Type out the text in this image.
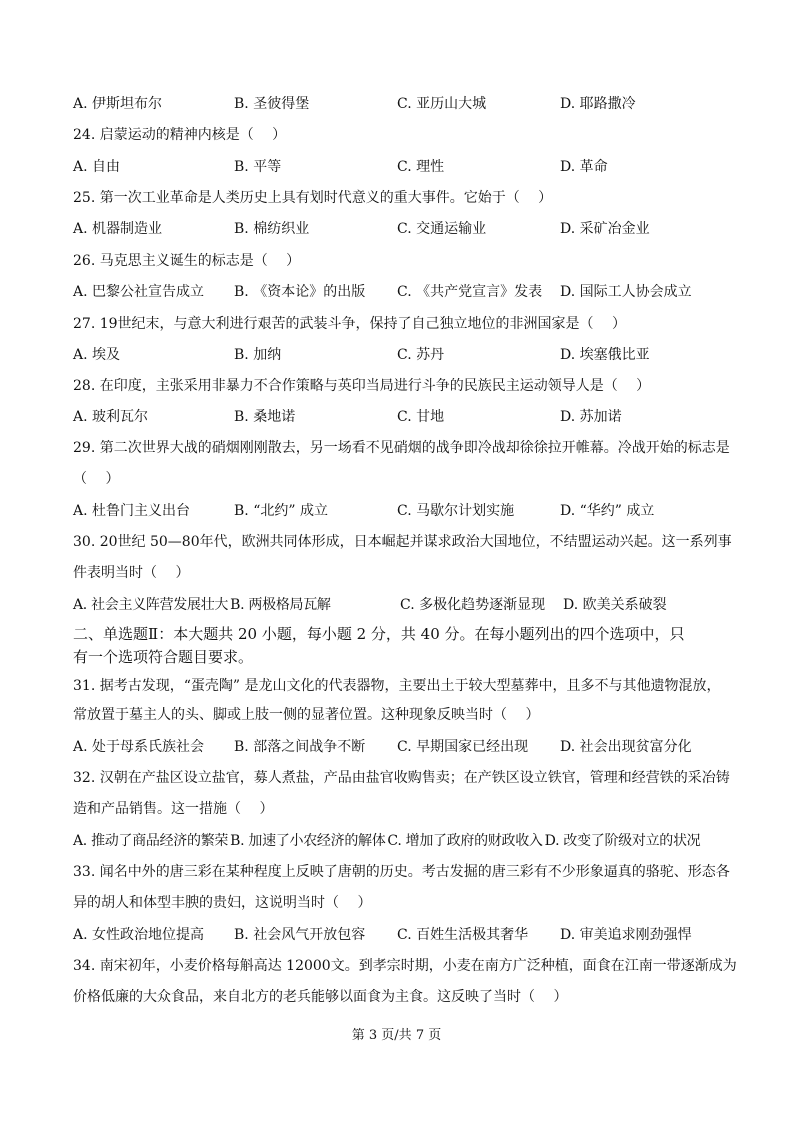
A. 伊斯坦布尔	B. 圣彼得堡	C. 亚历山大城	D. 耶路撒冷
24. 启蒙运动的精神内核是（　 ）
A. 自由	B. 平等	C. 理性	D. 革命
25. 第一次工业革命是人类历史上具有划时代意义的重大事件。它始于（　 ）
A. 机器制造业	B. 棉纺织业	C. 交通运输业	D. 采矿冶金业
26. 马克思主义诞生的标志是（　 ）
A. 巴黎公社宣告成立 B. 《资本论》的出版 C. 《共产党宣言》发表 D. 国际工人协会成立
27. 19世纪末，与意大利进行艰苦的武装斗争，保持了自己独立地位的非洲国家是（　 ）
A. 埃及	B. 加纳	C. 苏丹	D. 埃塞俄比亚
28. 在印度，主张采用非暴力不合作策略与英印当局进行斗争的民族民主运动领导人是（　 ）
A. 玻利瓦尔	B. 桑地诺	C. 甘地	D. 苏加诺
29. 第二次世界大战的硝烟刚刚散去，另一场看不见硝烟的战争即冷战却徐徐拉开帷幕。冷战开始的标志是
（　 ）
A. 杜鲁门主义出台	B. “北约” 成立	C. 马歇尔计划实施	D. “华约” 成立
30. 20世纪 50—80年代，欧洲共同体形成，日本崛起并谋求政治大国地位，不结盟运动兴起。这一系列事
件表明当时（　 ）
A. 社会主义阵营发展壮大 B. 两极格局瓦解	C. 多极化趋势逐渐显现 D. 欧美关系破裂
二、单选题Ⅱ：本大题共 20 小题，每小题 2 分，共 40 分。在每小题列出的四个选项中，只
有一个选项符合题目要求。
31. 据考古发现，“蛋壳陶” 是龙山文化的代表器物，主要出土于较大型墓葬中，且多不与其他遗物混放，
常放置于墓主人的头、脚或上肢一侧的显著位置。这种现象反映当时（　 ）
A. 处于母系氏族社会 B. 部落之间战争不断 C. 早期国家已经出现 D. 社会出现贫富分化
32. 汉朝在产盐区设立盐官，募人煮盐，产品由盐官收购售卖；在产铁区设立铁官，管理和经营铁的采冶铸
造和产品销售。这一措施（　 ）
A. 推动了商品经济的繁荣 B. 加速了小农经济的解体 C. 增加了政府的财政收入 D. 改变了阶级对立的状况
33. 闻名中外的唐三彩在某种程度上反映了唐朝的历史。考古发掘的唐三彩有不少形象逼真的骆驼、形态各
异的胡人和体型丰腴的贵妇，这说明当时（　 ）
A. 女性政治地位提高 B. 社会风气开放包容 C. 百姓生活极其奢华 D. 审美追求刚劲强悍
34. 南宋初年，小麦价格每斛高达 12000文。到孝宗时期，小麦在南方广泛种植，面食在江南一带逐渐成为
价格低廉的大众食品，来自北方的老兵能够以面食为主食。这反映了当时（　 ）
第 3 页/共 7 页
